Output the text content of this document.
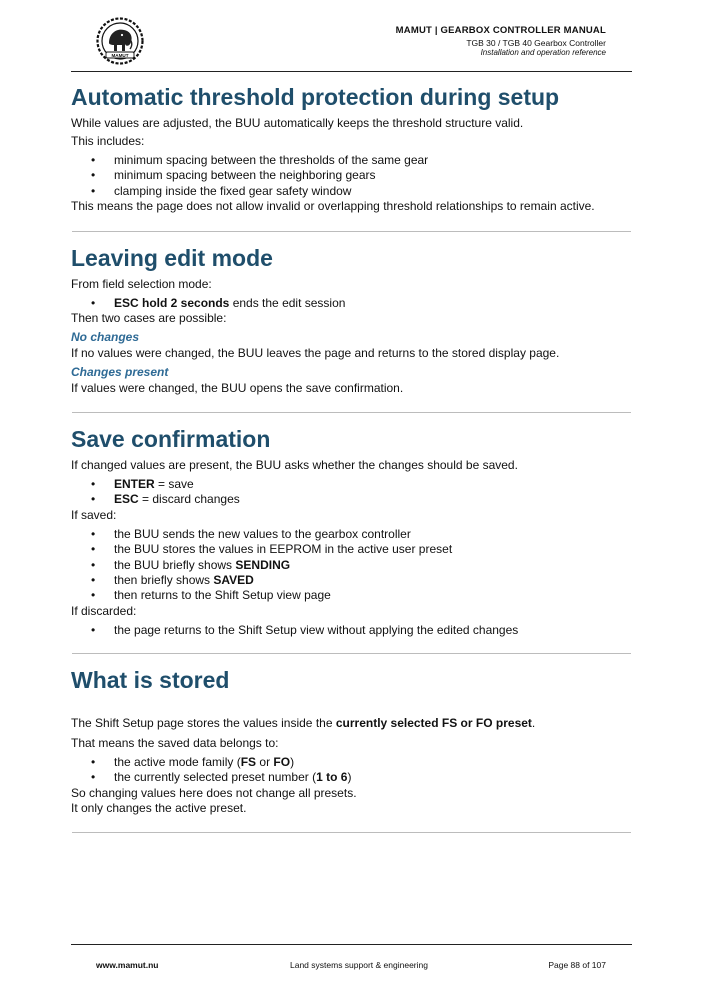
MAMUT
MAMUT | GEARBOX CONTROLLER MANUAL
TGB 30 / TGB 40 Gearbox Controller
Installation and operation reference
Automatic threshold protection during setup

While values are adjusted, the BUU automatically keeps the threshold structure valid.

This includes:

• minimum spacing between the thresholds of the same gear
• minimum spacing between the neighboring gears
• clamping inside the fixed gear safety window

This means the page does not allow invalid or overlapping threshold relationships to remain active.

Leaving edit mode

From field selection mode:

• ESC hold 2 seconds ends the edit session

Then two cases are possible:

No changes

If no values were changed, the BUU leaves the page and returns to the stored display page.

Changes present

If values were changed, the BUU opens the save confirmation.

Save confirmation

If changed values are present, the BUU asks whether the changes should be saved.

• ENTER = save
• ESC = discard changes

If saved:

• the BUU sends the new values to the gearbox controller
• the BUU stores the values in EEPROM in the active user preset
• the BUU briefly shows SENDING
• then briefly shows SAVED
• then returns to the Shift Setup view page

If discarded:

• the page returns to the Shift Setup view without applying the edited changes
What is stored

The Shift Setup page stores the values inside the currently selected FS or FO preset.

That means the saved data belongs to:

• the active mode family (FS or FO)
• the currently selected preset number (1 to 6)

So changing values here does not change all presets.

It only changes the active preset.

www.mamut.nu	Land systems support & engineering	Page 88 of 107
